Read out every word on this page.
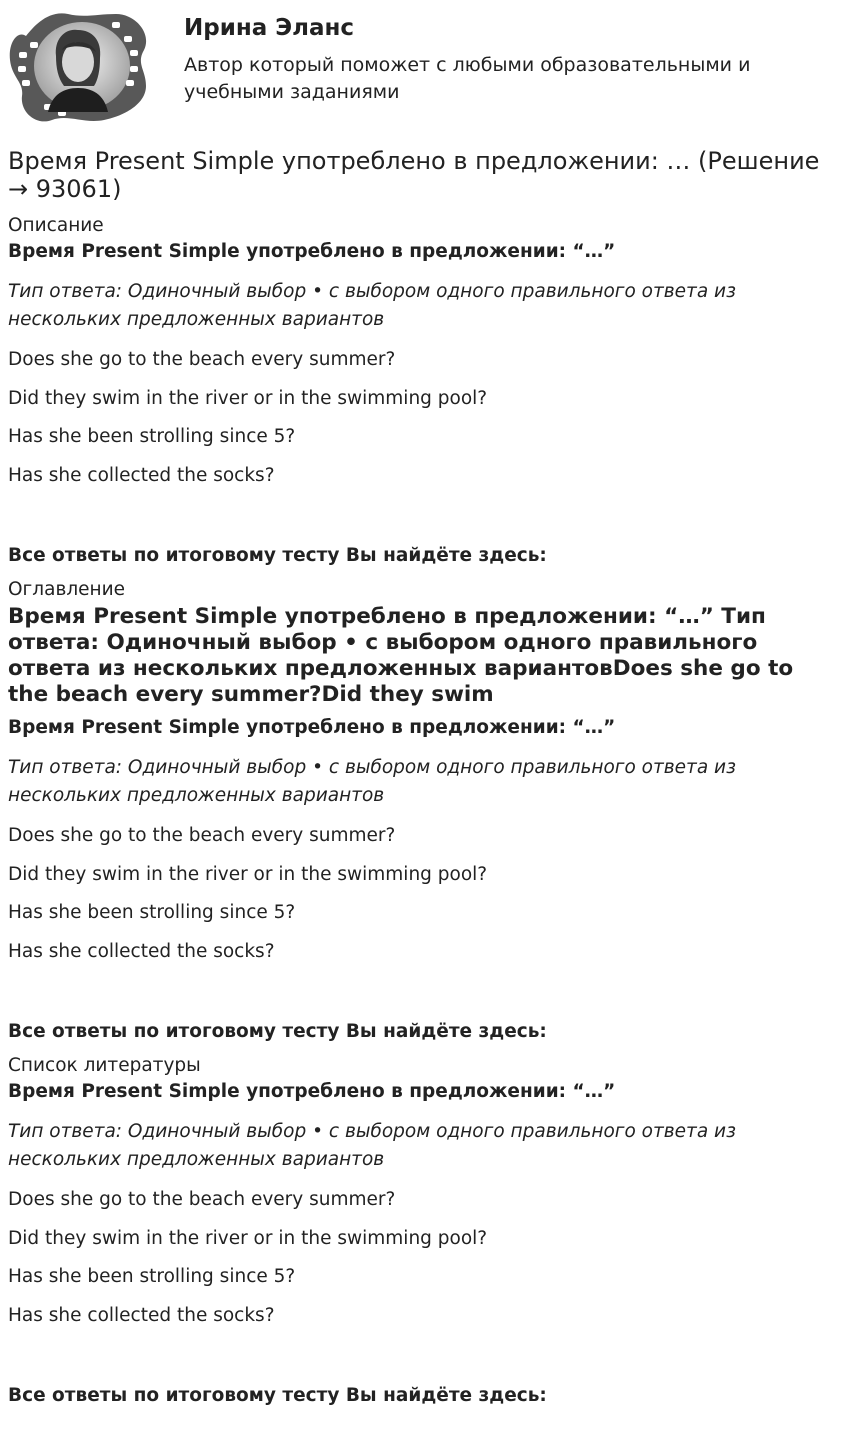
Ирина Эланс

Автор который поможет с любыми образовательными и учебными заданиями

Время Present Simple употреблено в предложении: … (Решение → 93061)

Описание

Время Present Simple употреблено в предложении: “…”

Тип ответа: Одиночный выбор • с выбором одного правильного ответа из нескольких предложенных вариантов

Does she go to the beach every summer?

Did they swim in the river or in the swimming pool?

Has she been strolling since 5?

Has she collected the socks?

Все ответы по итоговому тесту Вы найдёте здесь:

Оглавление

Время Present Simple употреблено в предложении: “…” Тип ответа: Одиночный выбор • с выбором одного правильного ответа из нескольких предложенных вариантовDoes she go to the beach every summer?Did they swim

Время Present Simple употреблено в предложении: “…”

Тип ответа: Одиночный выбор • с выбором одного правильного ответа из нескольких предложенных вариантов

Does she go to the beach every summer?

Did they swim in the river or in the swimming pool?

Has she been strolling since 5?

Has she collected the socks?

Все ответы по итоговому тесту Вы найдёте здесь:

Список литературы

Время Present Simple употреблено в предложении: “…”

Тип ответа: Одиночный выбор • с выбором одного правильного ответа из нескольких предложенных вариантов

Does she go to the beach every summer?

Did they swim in the river or in the swimming pool?

Has she been strolling since 5?

Has she collected the socks?

Все ответы по итоговому тесту Вы найдёте здесь:
